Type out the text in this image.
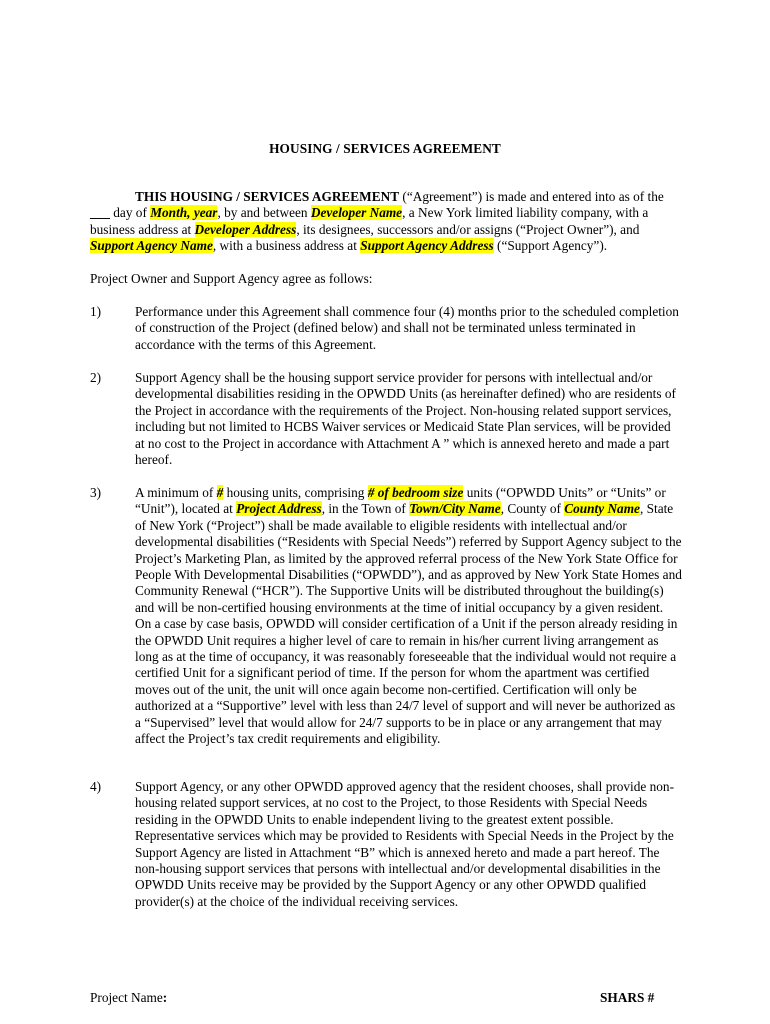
HOUSING / SERVICES AGREEMENT

THIS HOUSING / SERVICES AGREEMENT (“Agreement”) is made and entered into as of the ___ day of Month, year, by and between Developer Name, a New York limited liability company, with a business address at Developer Address, its designees, successors and/or assigns (“Project Owner”), and Support Agency Name, with a business address at Support Agency Address (“Support Agency”).

Project Owner and Support Agency agree as follows:

1)	Performance under this Agreement shall commence four (4) months prior to the scheduled completion of construction of the Project (defined below) and shall not be terminated unless terminated in accordance with the terms of this Agreement.
2)	Support Agency shall be the housing support service provider for persons with intellectual and/or developmental disabilities residing in the OPWDD Units (as hereinafter defined) who are residents of the Project in accordance with the requirements of the Project. Non-housing related support services, including but not limited to HCBS Waiver services or Medicaid State Plan services, will be provided at no cost to the Project in accordance with Attachment A ” which is annexed hereto and made a part hereof.
3)	A minimum of # housing units, comprising # of bedroom size units (“OPWDD Units” or “Units” or “Unit”), located at Project Address, in the Town of Town/City Name, County of County Name, State of New York (“Project”) shall be made available to eligible residents with intellectual and/or developmental disabilities (“Residents with Special Needs”) referred by Support Agency subject to the Project’s Marketing Plan, as limited by the approved referral process of the New York State Office for People With Developmental Disabilities (“OPWDD”), and as approved by New York State Homes and Community Renewal (“HCR”). The Supportive Units will be distributed throughout the building(s) and will be non-certified housing environments at the time of initial occupancy by a given resident. On a case by case basis, OPWDD will consider certification of a Unit if the person already residing in the OPWDD Unit requires a higher level of care to remain in his/her current living arrangement as long as at the time of occupancy, it was reasonably foreseeable that the individual would not require a certified Unit for a significant period of time. If the person for whom the apartment was certified moves out of the unit, the unit will once again become non-certified. Certification will only be authorized at a “Supportive” level with less than 24/7 level of support and will never be authorized as a “Supervised” level that would allow for 24/7 supports to be in place or any arrangement that may affect the Project’s tax credit requirements and eligibility.
4)	Support Agency, or any other OPWDD approved agency that the resident chooses, shall provide non-housing related support services, at no cost to the Project, to those Residents with Special Needs residing in the OPWDD Units to enable independent living to the greatest extent possible. Representative services which may be provided to Residents with Special Needs in the Project by the Support Agency are listed in Attachment “B” which is annexed hereto and made a part hereof. The non-housing support services that persons with intellectual and/or developmental disabilities in the OPWDD Units receive may be provided by the Support Agency or any other OPWDD qualified provider(s) at the choice of the individual receiving services.
Project Name:	SHARS #
